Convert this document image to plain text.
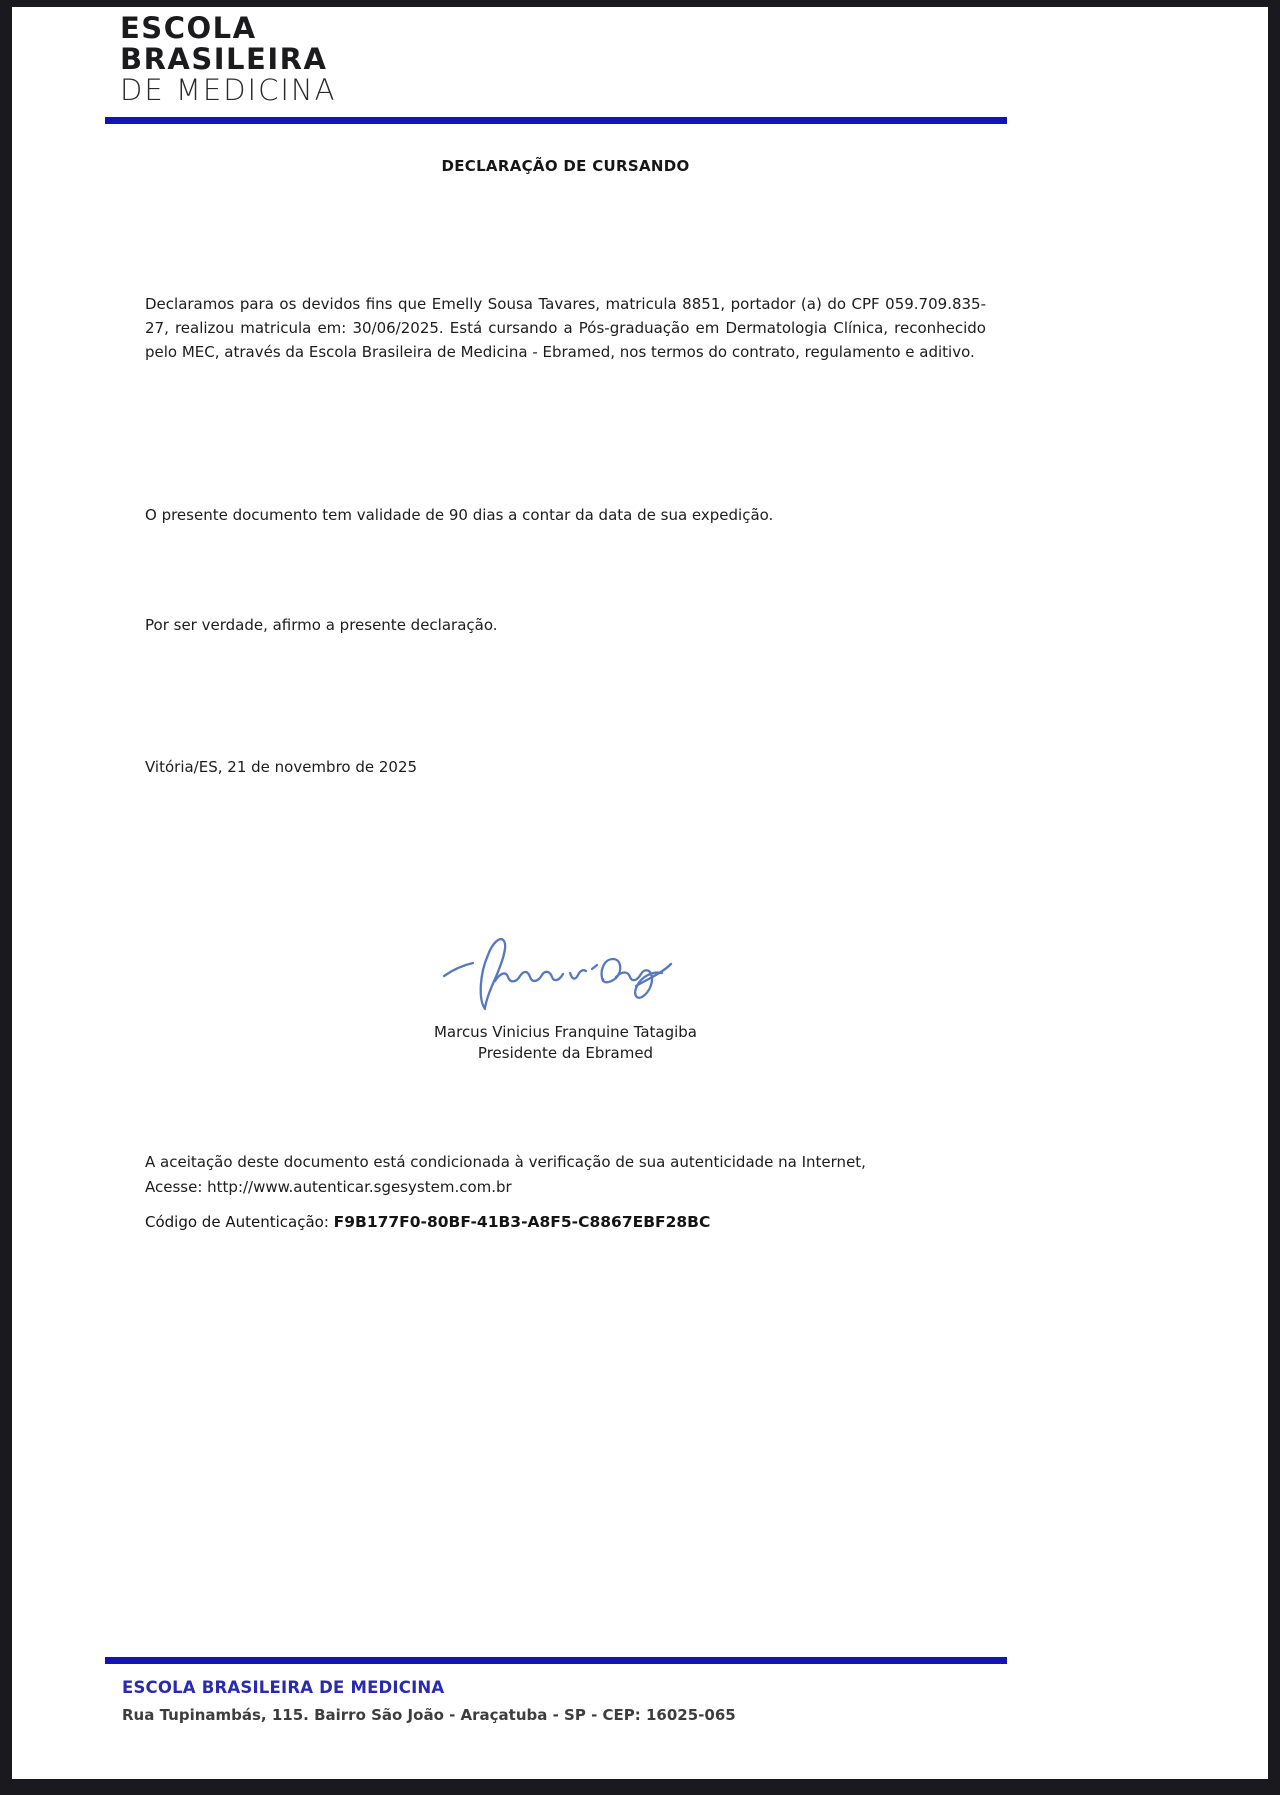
ESCOLA
BRASILEIRA
DE MEDICINA
DECLARAÇÃO DE CURSANDO

Declaramos para os devidos fins que Emelly Sousa Tavares, matricula 8851, portador (a) do CPF 059.709.835-27, realizou matricula em: 30/06/2025. Está cursando a Pós-graduação em Dermatologia Clínica, reconhecido pelo MEC, através da Escola Brasileira de Medicina - Ebramed, nos termos do contrato, regulamento e aditivo.

O presente documento tem validade de 90 dias a contar da data de sua expedição.

Por ser verdade, afirmo a presente declaração.

Vitória/ES, 21 de novembro de 2025

Marcus Vinicius Franquine Tatagiba
Presidente da Ebramed
A aceitação deste documento está condicionada à verificação de sua autenticidade na Internet,
Acesse: http://www.autenticar.sgesystem.com.br

Código de Autenticação: F9B177F0-80BF-41B3-A8F5-C8867EBF28BC

ESCOLA BRASILEIRA DE MEDICINA
Rua Tupinambás, 115. Bairro São João - Araçatuba - SP - CEP: 16025-065
